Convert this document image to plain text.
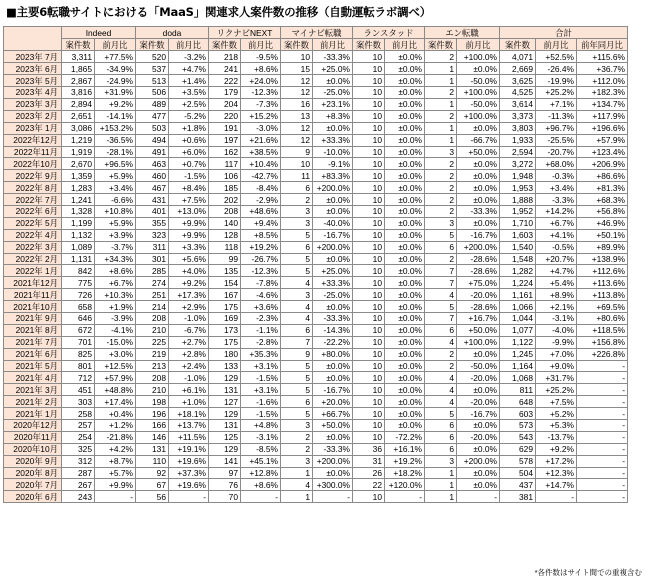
■主要6転職サイトにおける「MaaS」関連求人案件数の推移（自動運転ラボ調べ）
	Indeed		doda		リクナビNEXT		マイナビ転職		ランスタッド		エン転職		合計		
	案件数	前月比	案件数	前月比	案件数	前月比	案件数	前月比	案件数	前月比	案件数	前月比	案件数	前月比	前年同月比
2023年 7月	3,311	+77.5%	520	-3.2%	218	-9.5%	10	-33.3%	10	±0.0%	2	+100.0%	4,071	+52.5%	+115.6%
2023年 6月	1,865	-34.9%	537	+4.7%	241	+8.6%	15	+25.0%	10	±0.0%	1	±0.0%	2,669	-26.4%	+36.7%
2023年 5月	2,867	-24.9%	513	+1.4%	222	+24.0%	12	±0.0%	10	±0.0%	1	-50.0%	3,625	-19.9%	+112.0%
2023年 4月	3,816	+31.9%	506	+3.5%	179	-12.3%	12	-25.0%	10	±0.0%	2	+100.0%	4,525	+25.2%	+182.3%
2023年 3月	2,894	+9.2%	489	+2.5%	204	-7.3%	16	+23.1%	10	±0.0%	1	-50.0%	3,614	+7.1%	+134.7%
2023年 2月	2,651	-14.1%	477	-5.2%	220	+15.2%	13	+8.3%	10	±0.0%	2	+100.0%	3,373	-11.3%	+117.9%
2023年 1月	3,086	+153.2%	503	+1.8%	191	-3.0%	12	±0.0%	10	±0.0%	1	±0.0%	3,803	+96.7%	+196.6%
2022年12月	1,219	-36.5%	494	+0.6%	197	+21.6%	12	+33.3%	10	±0.0%	1	-66.7%	1,933	-25.5%	+57.9%
2022年11月	1,919	-28.1%	491	+6.0%	162	+38.5%	9	-10.0%	10	±0.0%	3	+50.0%	2,594	-20.7%	+123.4%
2022年10月	2,670	+96.5%	463	+0.7%	117	+10.4%	10	-9.1%	10	±0.0%	2	±0.0%	3,272	+68.0%	+206.9%
2022年 9月	1,359	+5.9%	460	-1.5%	106	-42.7%	11	+83.3%	10	±0.0%	2	±0.0%	1,948	-0.3%	+86.6%
2022年 8月	1,283	+3.4%	467	+8.4%	185	-8.4%	6	+200.0%	10	±0.0%	2	±0.0%	1,953	+3.4%	+81.3%
2022年 7月	1,241	-6.6%	431	+7.5%	202	-2.9%	2	±0.0%	10	±0.0%	2	±0.0%	1,888	-3.3%	+68.3%
2022年 6月	1,328	+10.8%	401	+13.0%	208	+48.6%	3	±0.0%	10	±0.0%	2	-33.3%	1,952	+14.2%	+56.8%
2022年 5月	1,199	+5.9%	355	+9.9%	140	+9.4%	3	-40.0%	10	±0.0%	3	±0.0%	1,710	+6.7%	+46.9%
2022年 4月	1,132	+3.9%	323	+9.9%	128	+8.5%	5	-16.7%	10	±0.0%	5	-16.7%	1,603	+4.1%	+50.1%
2022年 3月	1,089	-3.7%	311	+3.3%	118	+19.2%	6	+200.0%	10	±0.0%	6	+200.0%	1,540	-0.5%	+89.9%
2022年 2月	1,131	+34.3%	301	+5.6%	99	-26.7%	5	±0.0%	10	±0.0%	2	-28.6%	1,548	+20.7%	+138.9%
2022年 1月	842	+8.6%	285	+4.0%	135	-12.3%	5	+25.0%	10	±0.0%	7	-28.6%	1,282	+4.7%	+112.6%
2021年12月	775	+6.7%	274	+9.2%	154	-7.8%	4	+33.3%	10	±0.0%	7	+75.0%	1,224	+5.4%	+113.6%
2021年11月	726	+10.3%	251	+17.3%	167	-4.6%	3	-25.0%	10	±0.0%	4	-20.0%	1,161	+8.9%	+113.8%
2021年10月	658	+1.9%	214	+2.9%	175	+3.6%	4	±0.0%	10	±0.0%	5	-28.6%	1,066	+2.1%	+69.5%
2021年 9月	646	-3.9%	208	-1.0%	169	-2.3%	4	-33.3%	10	±0.0%	7	+16.7%	1,044	-3.1%	+80.6%
2021年 8月	672	-4.1%	210	-6.7%	173	-1.1%	6	-14.3%	10	±0.0%	6	+50.0%	1,077	-4.0%	+118.5%
2021年 7月	701	-15.0%	225	+2.7%	175	-2.8%	7	-22.2%	10	±0.0%	4	+100.0%	1,122	-9.9%	+156.8%
2021年 6月	825	+3.0%	219	+2.8%	180	+35.3%	9	+80.0%	10	±0.0%	2	±0.0%	1,245	+7.0%	+226.8%
2021年 5月	801	+12.5%	213	+2.4%	133	+3.1%	5	±0.0%	10	±0.0%	2	-50.0%	1,164	+9.0%	-
2021年 4月	712	+57.9%	208	-1.0%	129	-1.5%	5	±0.0%	10	±0.0%	4	-20.0%	1,068	+31.7%	-
2021年 3月	451	+48.8%	210	+6.1%	131	+3.1%	5	-16.7%	10	±0.0%	4	±0.0%	811	+25.2%	-
2021年 2月	303	+17.4%	198	+1.0%	127	-1.6%	6	+20.0%	10	±0.0%	4	-20.0%	648	+7.5%	-
2021年 1月	258	+0.4%	196	+18.1%	129	-1.5%	5	+66.7%	10	±0.0%	5	-16.7%	603	+5.2%	-
2020年12月	257	+1.2%	166	+13.7%	131	+4.8%	3	+50.0%	10	±0.0%	6	±0.0%	573	+5.3%	-
2020年11月	254	-21.8%	146	+11.5%	125	-3.1%	2	±0.0%	10	-72.2%	6	-20.0%	543	-13.7%	-
2020年10月	325	+4.2%	131	+19.1%	129	-8.5%	2	-33.3%	36	+16.1%	6	±0.0%	629	+9.2%	-
2020年 9月	312	+8.7%	110	+19.6%	141	+45.1%	3	+200.0%	31	+19.2%	3	+200.0%	578	+17.2%	-
2020年 8月	287	+5.7%	92	+37.3%	97	+12.8%	1	±0.0%	26	+18.2%	1	±0.0%	504	+12.3%	-
2020年 7月	267	+9.9%	67	+19.6%	76	+8.6%	4	+300.0%	22	+120.0%	1	±0.0%	437	+14.7%	-
2020年 6月	243	-	56	-	70	-	1	-	10	-	1	-	381	-	-
*各件数はサイト間での重複含む
